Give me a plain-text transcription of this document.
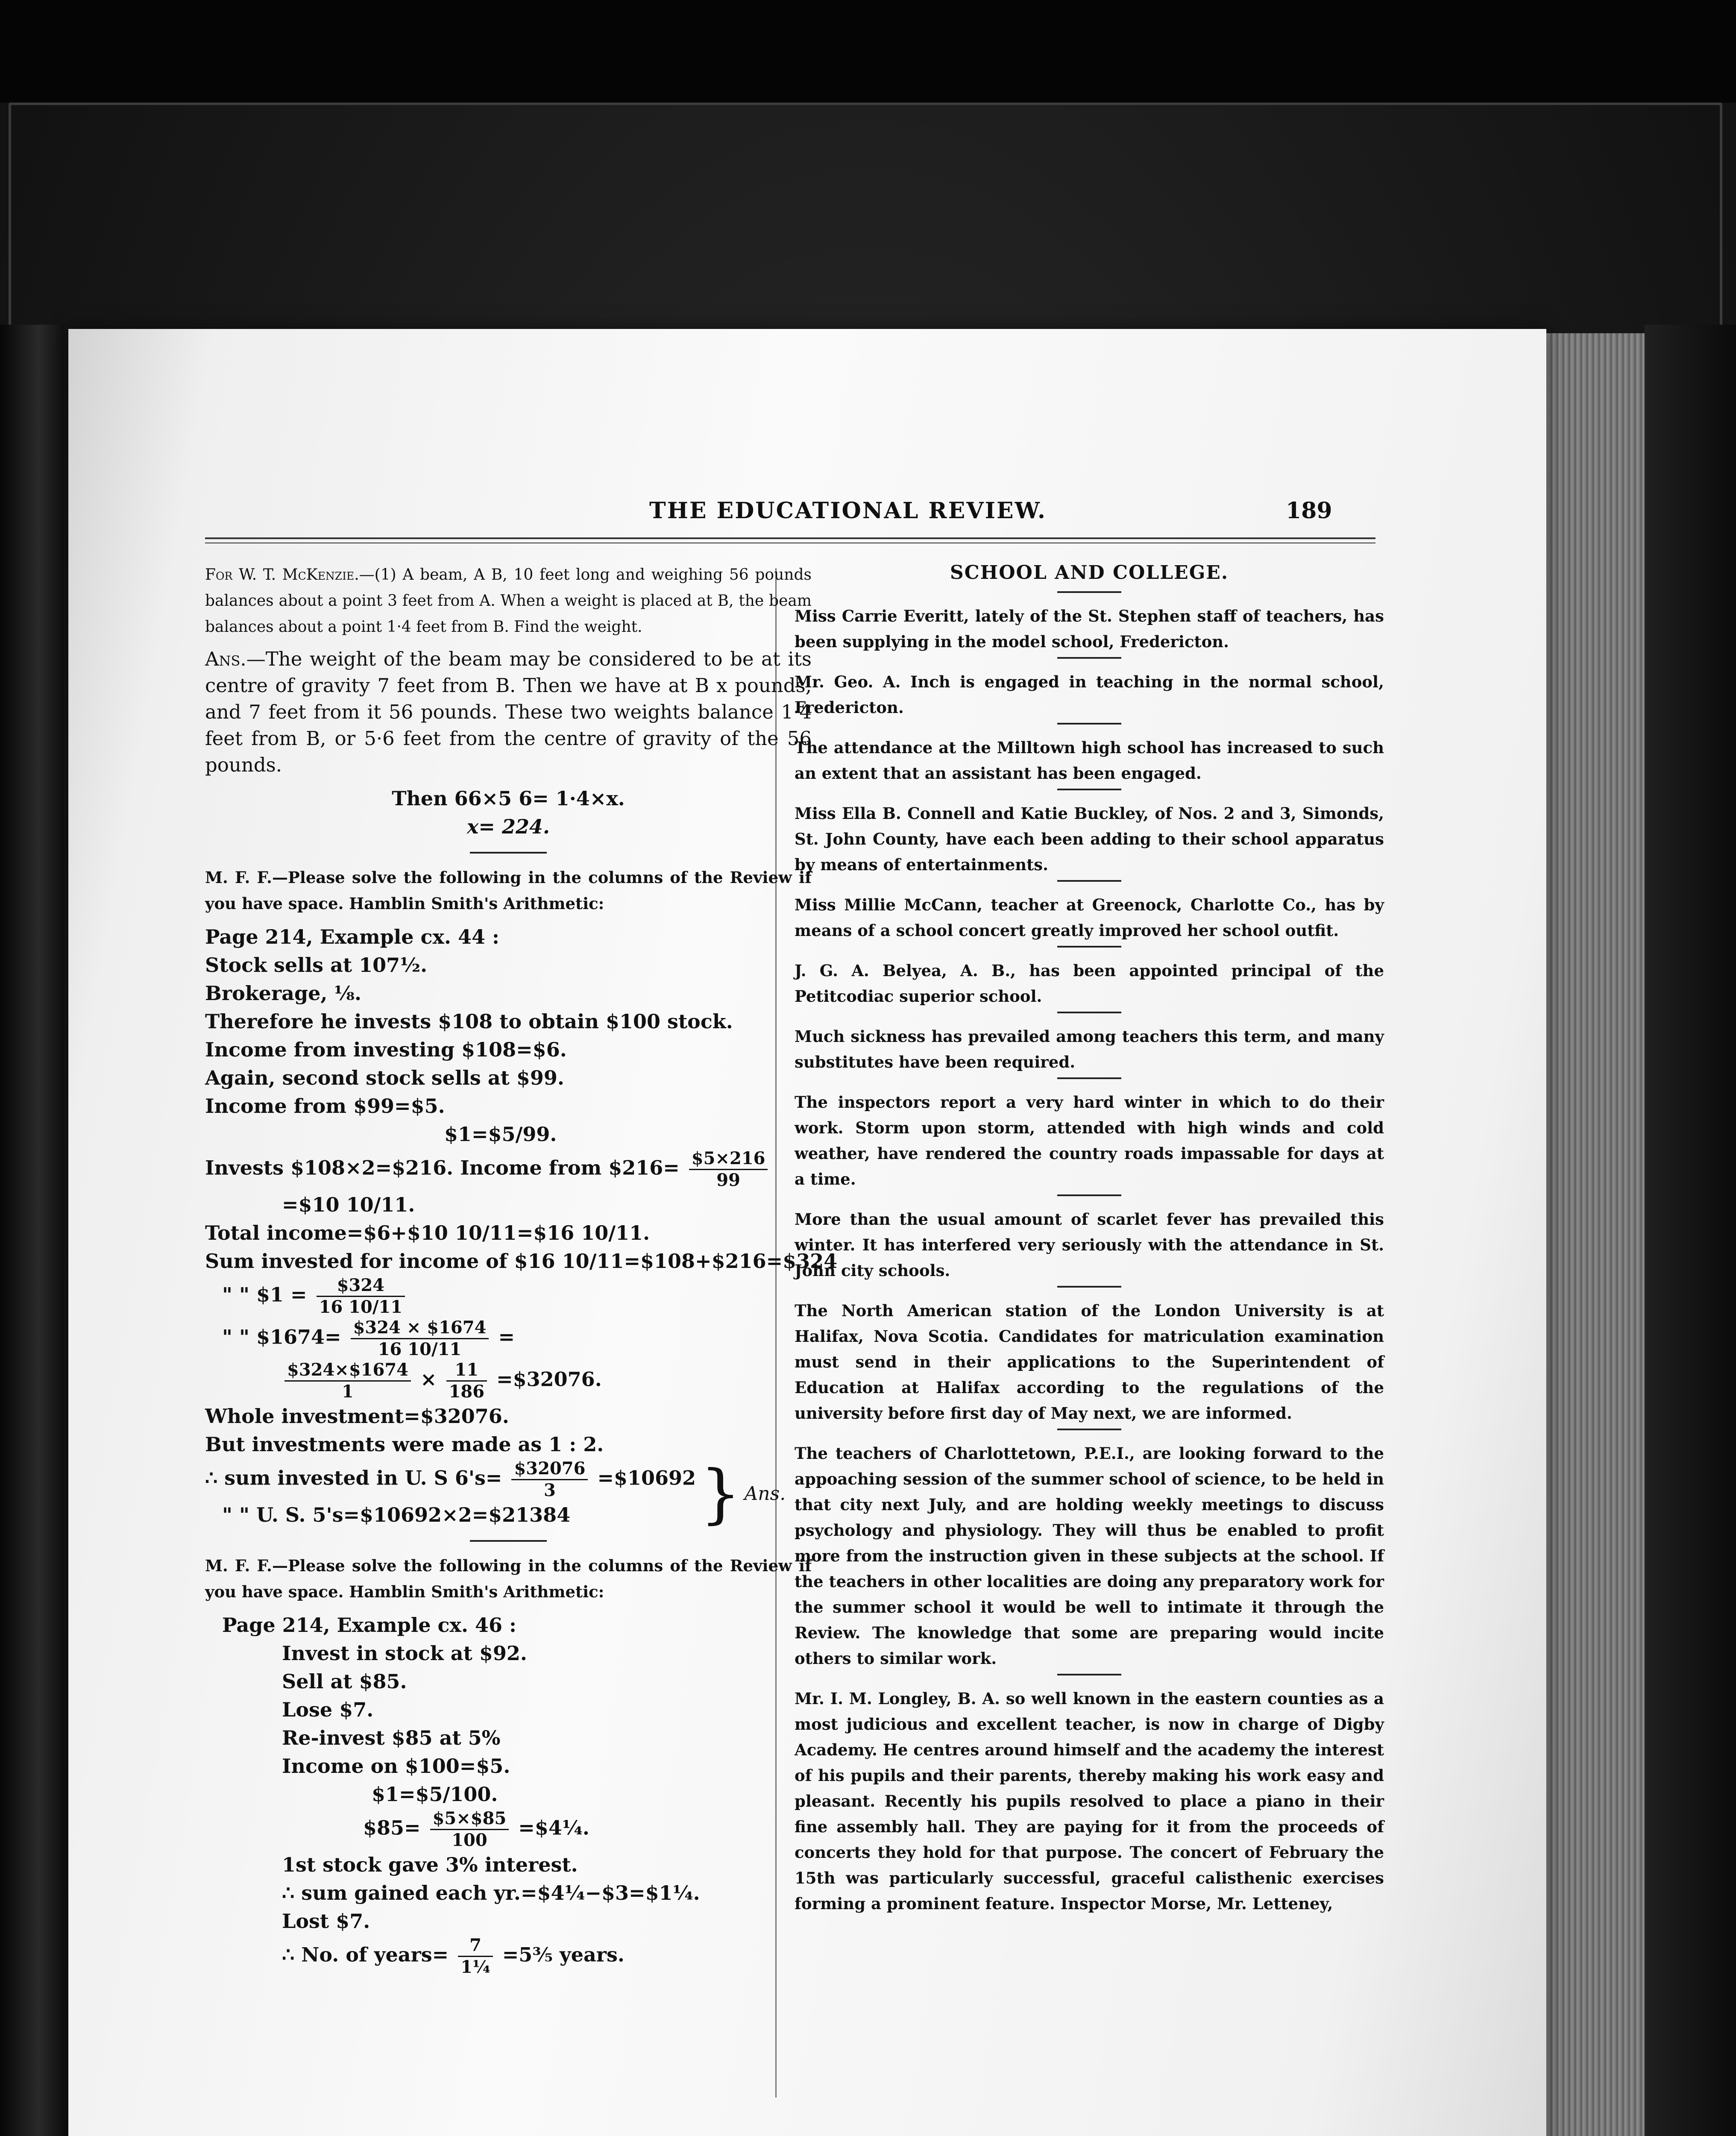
THE EDUCATIONAL REVIEW.	189

For W. T. McKenzie.—(1) A beam, A B, 10 feet long and weighing 56 pounds balances about a point 3 feet from A. When a weight is placed at B, the beam balances about a point 1·4 feet from B. Find the weight.

Ans.—The weight of the beam may be considered to be at its centre of gravity 7 feet from B. Then we have at B x pounds, and 7 feet from it 56 pounds. These two weights balance 1·4 feet from B, or 5·6 feet from the centre of gravity of the 56 pounds.

Then 66×5 6= 1·4×x.
x= 224.

M. F. F.—Please solve the following in the columns of the Review if you have space. Hamblin Smith's Arithmetic:

Page 214, Example cx. 44 :
Stock sells at 107½.
Brokerage, ⅛.
Therefore he invests $108 to obtain $100 stock.
Income from investing $108=$6.
Again, second stock sells at $99.
Income from $99=$5.
$1=$5/99.
Invests $108×2=$216. Income from $216= $\frac{\$5\times 216}{99}$
=$10 10/11.
Total income=$6+$10 10/11=$16 10/11.
Sum invested for income of $16 10/11=$108+$216=$324
" " $1 = $\frac{\$324}{16 10/11}$
" " $1674= $\frac{\$324 \times \$1674}{16 10/11}$ =
$\frac{\$324\times\$1674}{1} \times \frac{11}{186}$ =$32076.
Whole investment=$32076.
But investments were made as 1 : 2.
∴ sum invested in U. S $6's= \frac{\$32076}{3}$ =$10692
" " U. S. 5's=$10692×2=$21384	} Ans.

M. F. F.—Please solve the following in the columns of the Review if you have space. Hamblin Smith's Arithmetic:

Page 214, Example cx. 46 :
Invest in stock at $92.
Sell at $85.
Lose $7.
Re-invest $85 at 5%
Income on $100=$5.
$1=$5/100.
$85= $\frac{\$5\times\$85}{100}$ =$4¼.
1st stock gave 3% interest.
∴ sum gained each yr.=$4¼−$3=$1¼.
Lost $7.
∴ No. of years= $\frac{7}{\text{1¼}}$ =5⅗ years.
SCHOOL AND COLLEGE.

Miss Carrie Everitt, lately of the St. Stephen staff of teachers, has been supplying in the model school, Fredericton.

Mr. Geo. A. Inch is engaged in teaching in the normal school, Fredericton.

The attendance at the Milltown high school has increased to such an extent that an assistant has been engaged.

Miss Ella B. Connell and Katie Buckley, of Nos. 2 and 3, Simonds, St. John County, have each been adding to their school apparatus by means of entertainments.

Miss Millie McCann, teacher at Greenock, Charlotte Co., has by means of a school concert greatly improved her school outfit.

J. G. A. Belyea, A. B., has been appointed principal of the Petitcodiac superior school.

Much sickness has prevailed among teachers this term, and many substitutes have been required.

The inspectors report a very hard winter in which to do their work. Storm upon storm, attended with high winds and cold weather, have rendered the country roads impassable for days at a time.

More than the usual amount of scarlet fever has prevailed this winter. It has interfered very seriously with the attendance in St. John city schools.

The North American station of the London University is at Halifax, Nova Scotia. Candidates for matriculation examination must send in their applications to the Superintendent of Education at Halifax according to the regulations of the university before first day of May next, we are informed.

The teachers of Charlottetown, P.E.I., are looking forward to the appoaching session of the summer school of science, to be held in that city next July, and are holding weekly meetings to discuss psychology and physiology. They will thus be enabled to profit more from the instruction given in these subjects at the school. If the teachers in other localities are doing any preparatory work for the summer school it would be well to intimate it through the Review. The knowledge that some are preparing would incite others to similar work.

Mr. I. M. Longley, B. A. so well known in the eastern counties as a most judicious and excellent teacher, is now in charge of Digby Academy. He centres around himself and the academy the interest of his pupils and their parents, thereby making his work easy and pleasant. Recently his pupils resolved to place a piano in their fine assembly hall. They are paying for it from the proceeds of concerts they hold for that purpose. The concert of February the 15th was particularly successful, graceful calisthenic exercises forming a prominent feature. Inspector Morse, Mr. Letteney,
